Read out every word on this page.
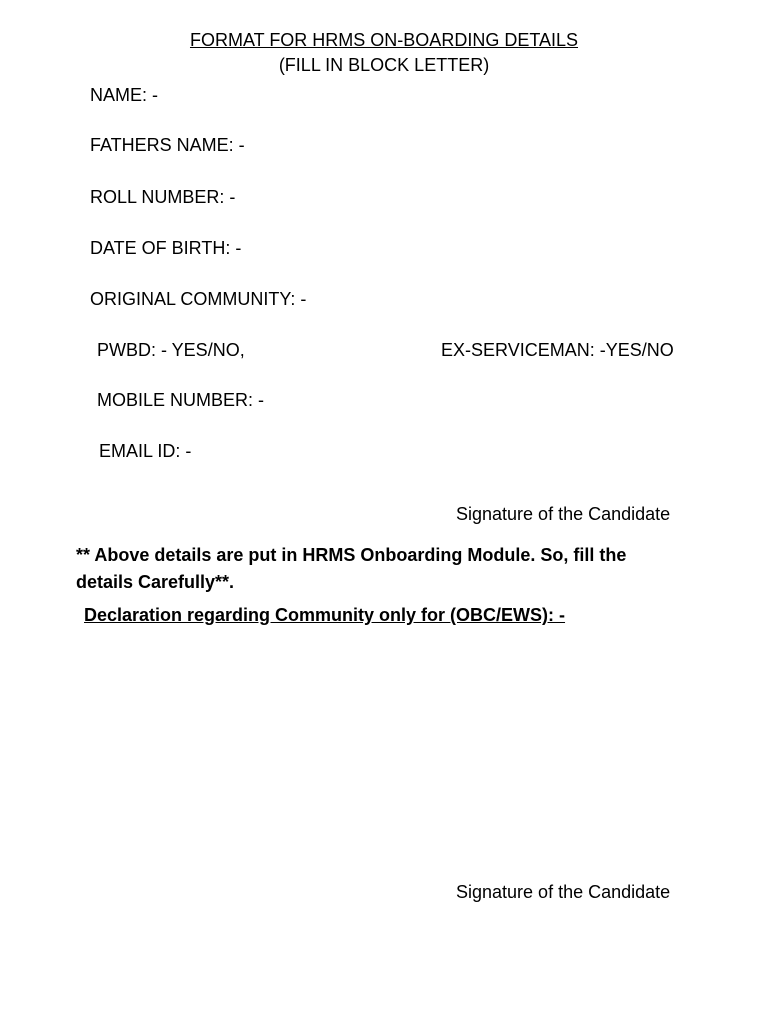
FORMAT FOR HRMS ON-BOARDING DETAILS
(FILL IN BLOCK LETTER)
NAME: -
FATHERS NAME: -
ROLL NUMBER: -
DATE OF BIRTH: -
ORIGINAL COMMUNITY: -
PWBD: - YES/NO,	EX-SERVICEMAN: -YES/NO
MOBILE NUMBER: -
EMAIL ID: -
Signature of the Candidate
** Above details are put in HRMS Onboarding Module. So, fill the details Carefully**.
Declaration regarding Community only for (OBC/EWS): -
Signature of the Candidate
